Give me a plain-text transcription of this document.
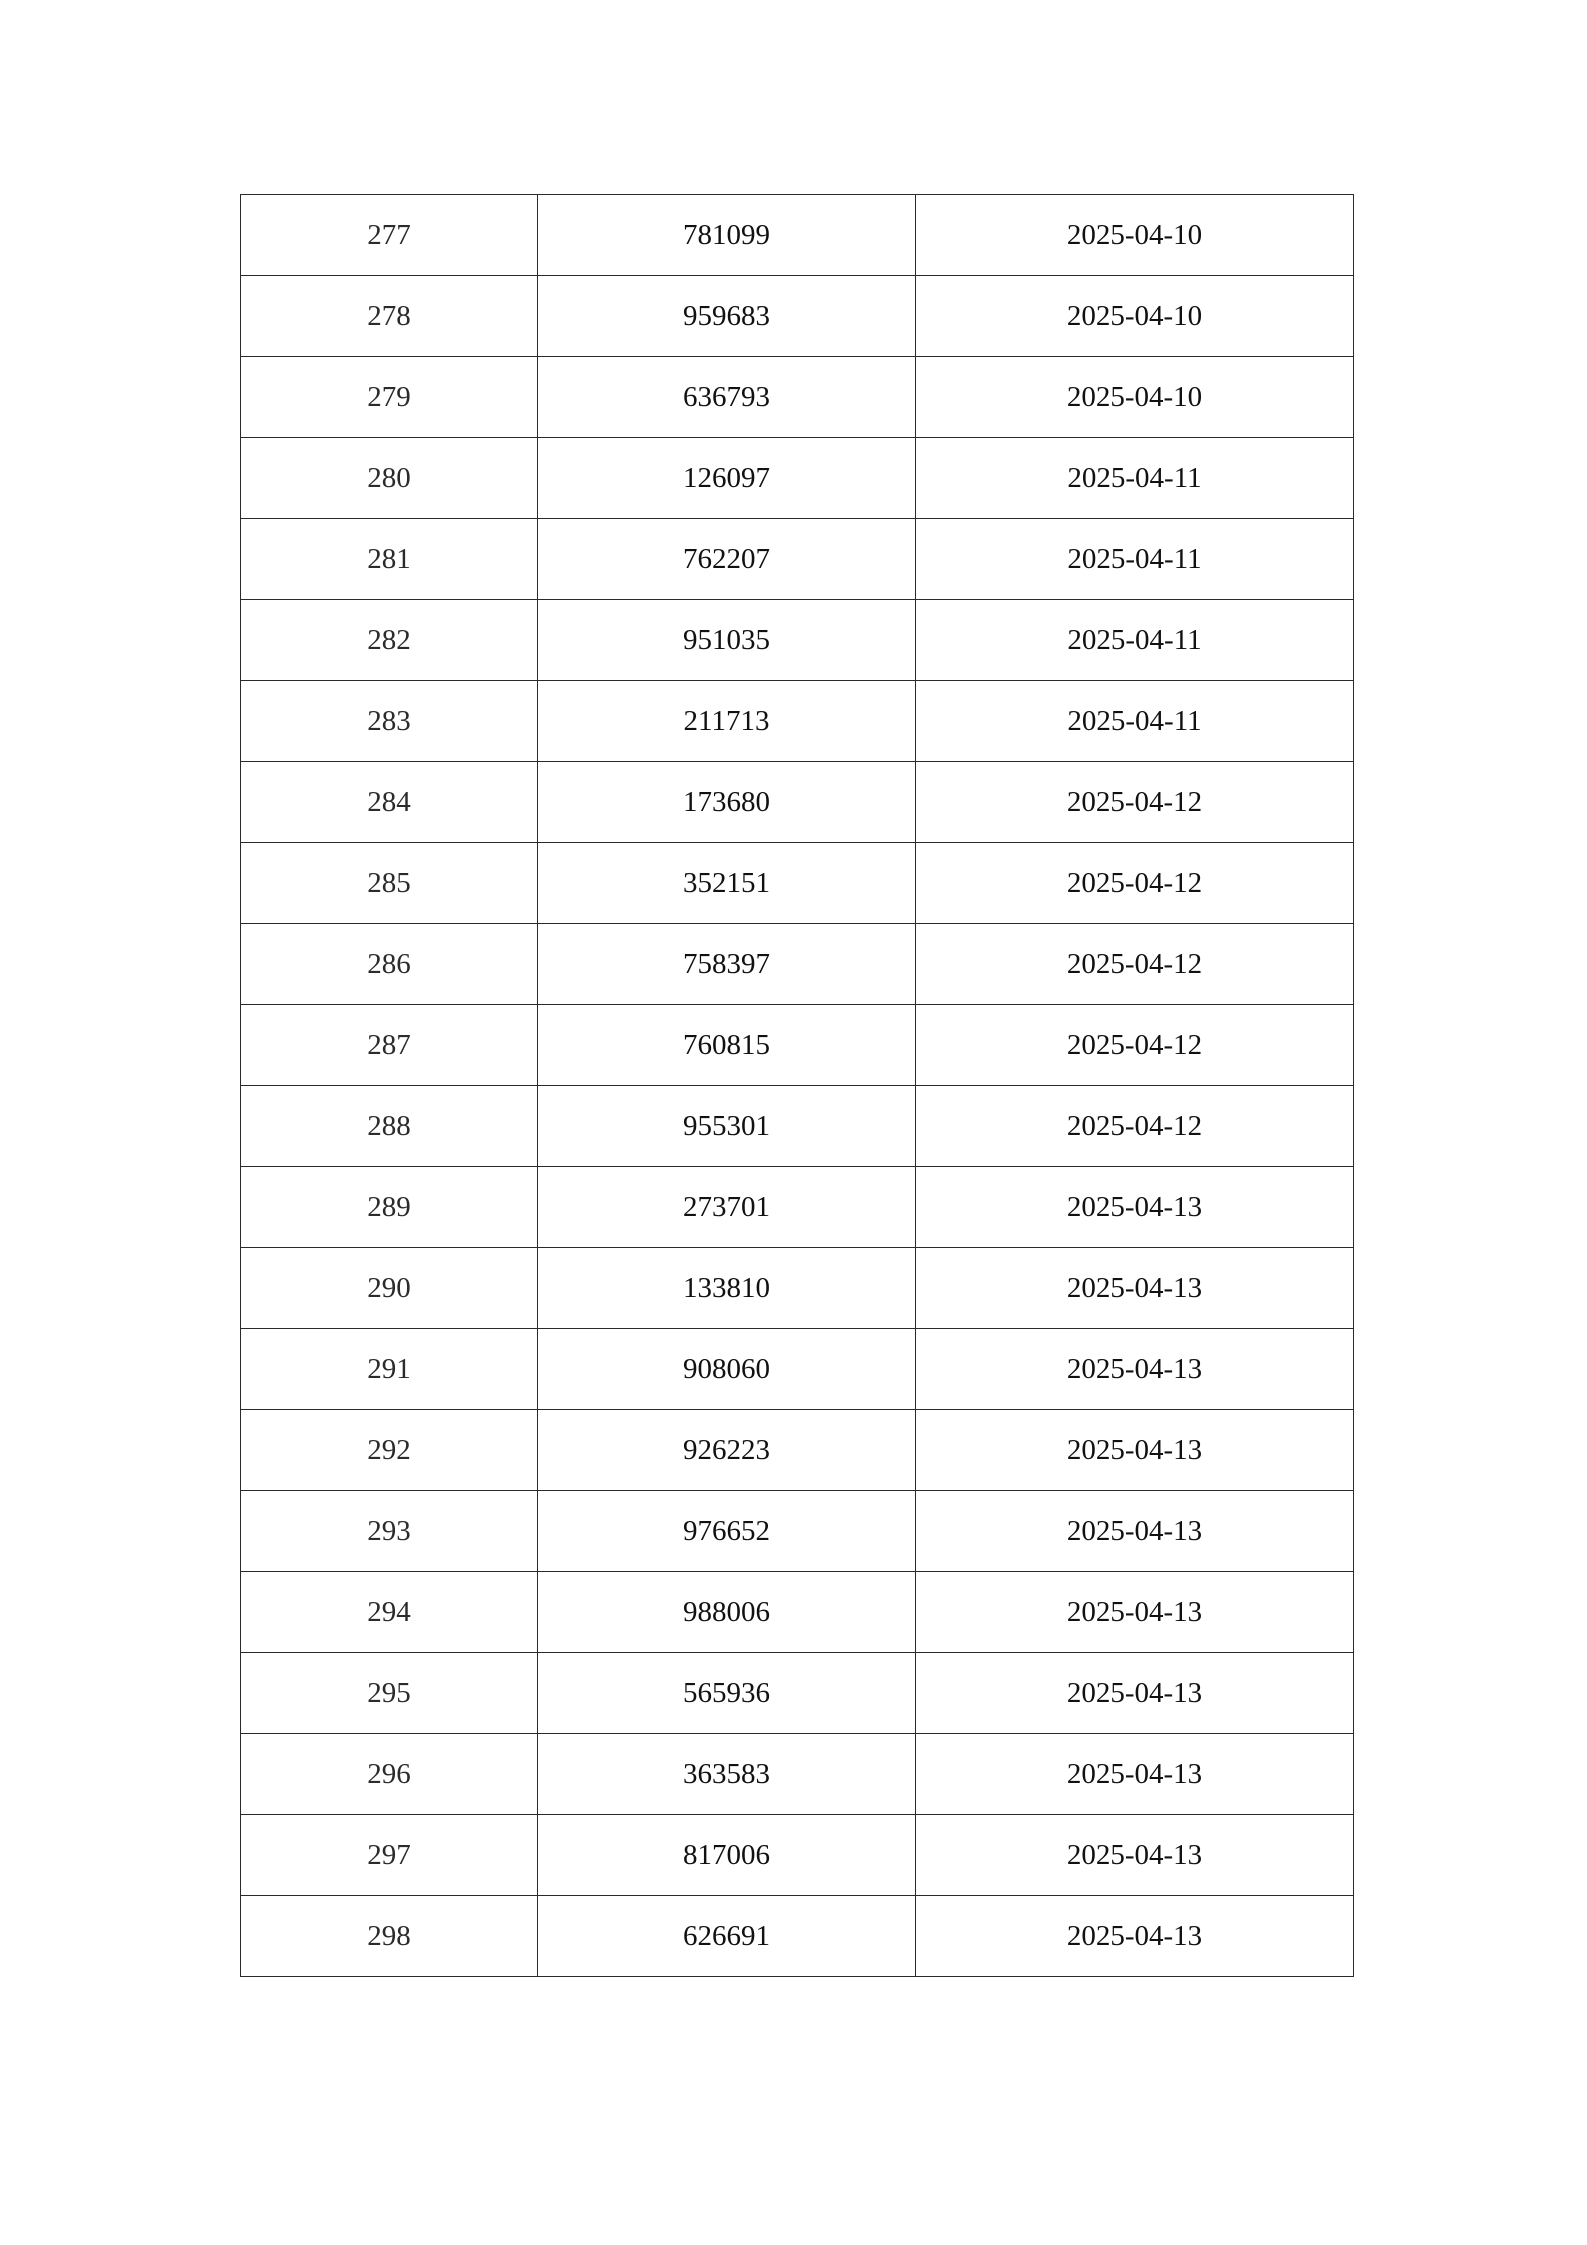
277	781099	2025-04-10
278	959683	2025-04-10
279	636793	2025-04-10
280	126097	2025-04-11
281	762207	2025-04-11
282	951035	2025-04-11
283	211713	2025-04-11
284	173680	2025-04-12
285	352151	2025-04-12
286	758397	2025-04-12
287	760815	2025-04-12
288	955301	2025-04-12
289	273701	2025-04-13
290	133810	2025-04-13
291	908060	2025-04-13
292	926223	2025-04-13
293	976652	2025-04-13
294	988006	2025-04-13
295	565936	2025-04-13
296	363583	2025-04-13
297	817006	2025-04-13
298	626691	2025-04-13
